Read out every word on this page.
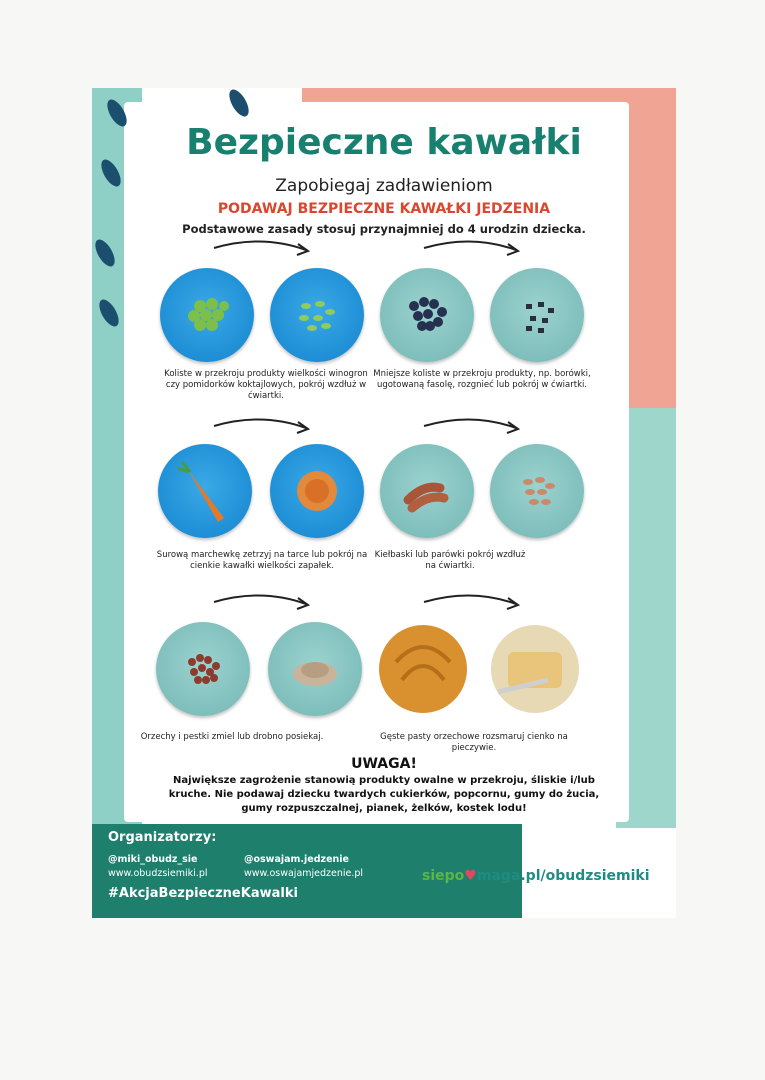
Bezpieczne kawałki
Zapobiegaj zadławieniom
PODAWAJ BEZPIECZNE KAWAŁKI JEDZENIA
Podstawowe zasady stosuj przynajmniej do 4 urodzin dziecka.
Koliste w przekroju produkty wielkości winogron czy pomidorków koktajlowych, pokrój wzdłuż w ćwiartki.
Mniejsze koliste w przekroju produkty, np. borówki, ugotowaną fasolę, rozgnieć lub pokrój w ćwiartki.
Surową marchewkę zetrzyj na tarce lub pokrój na cienkie kawałki wielkości zapałek.
Kiełbaski lub parówki pokrój wzdłuż na ćwiartki.
Orzechy i pestki zmiel lub drobno posiekaj.	Gęste pasty orzechowe rozsmaruj cienko na pieczywie.
UWAGA!
Największe zagrożenie stanowią produkty owalne w przekroju, śliskie i/lub kruche. Nie podawaj dziecku twardych cukierków, popcornu, gumy do żucia, gumy rozpuszczalnej, pianek, żelków, kostek lodu!
Organizatorzy:
@miki_obudz_sie
www.obudzsiemiki.pl
@oswajam.jedzenie
www.oswajamjedzenie.pl
#AkcjaBezpieczneKawalki
siepo♥maga.pl/obudzsiemiki
